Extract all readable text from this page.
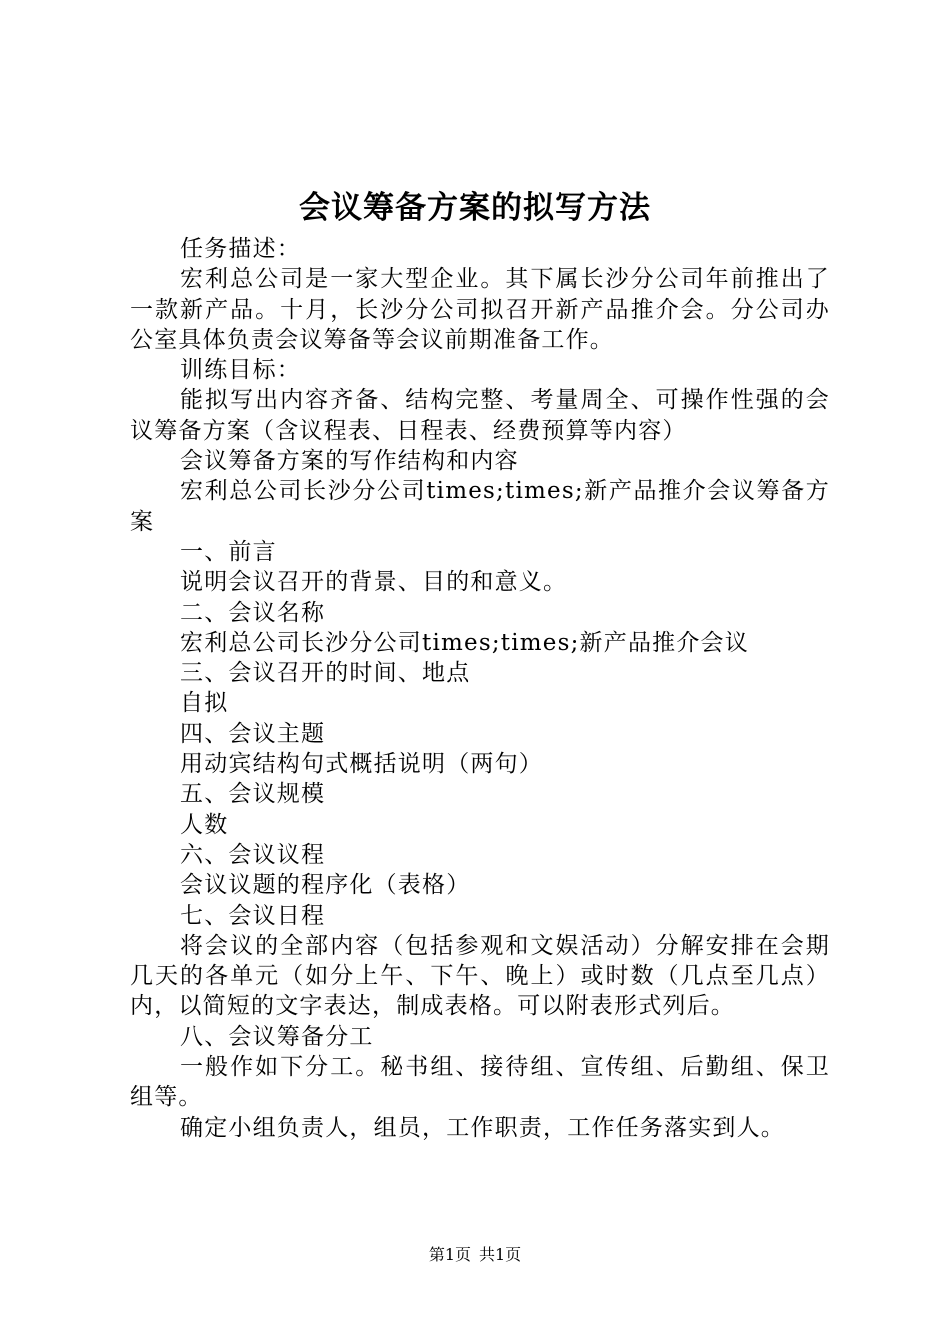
会议筹备方案的拟写方法

任务描述：

宏利总公司是一家大型企业。其下属长沙分公司年前推出了一款新产品。十月，长沙分公司拟召开新产品推介会。分公司办公室具体负责会议筹备等会议前期准备工作。

训练目标：

能拟写出内容齐备、结构完整、考量周全、可操作性强的会议筹备方案（含议程表、日程表、经费预算等内容）

会议筹备方案的写作结构和内容

宏利总公司长沙分公司times;times;新产品推介会议筹备方案

一、前言

说明会议召开的背景、目的和意义。

二、会议名称

宏利总公司长沙分公司times;times;新产品推介会议

三、会议召开的时间、地点

自拟

四、会议主题

用动宾结构句式概括说明（两句）

五、会议规模

人数

六、会议议程

会议议题的程序化（表格）

七、会议日程

将会议的全部内容（包括参观和文娱活动）分解安排在会期几天的各单元（如分上午、下午、晚上）或时数（几点至几点）内，以简短的文字表达，制成表格。可以附表形式列后。

八、会议筹备分工

一般作如下分工。秘书组、接待组、宣传组、后勤组、保卫组等。

确定小组负责人，组员，工作职责，工作任务落实到人。

第1页 共1页
